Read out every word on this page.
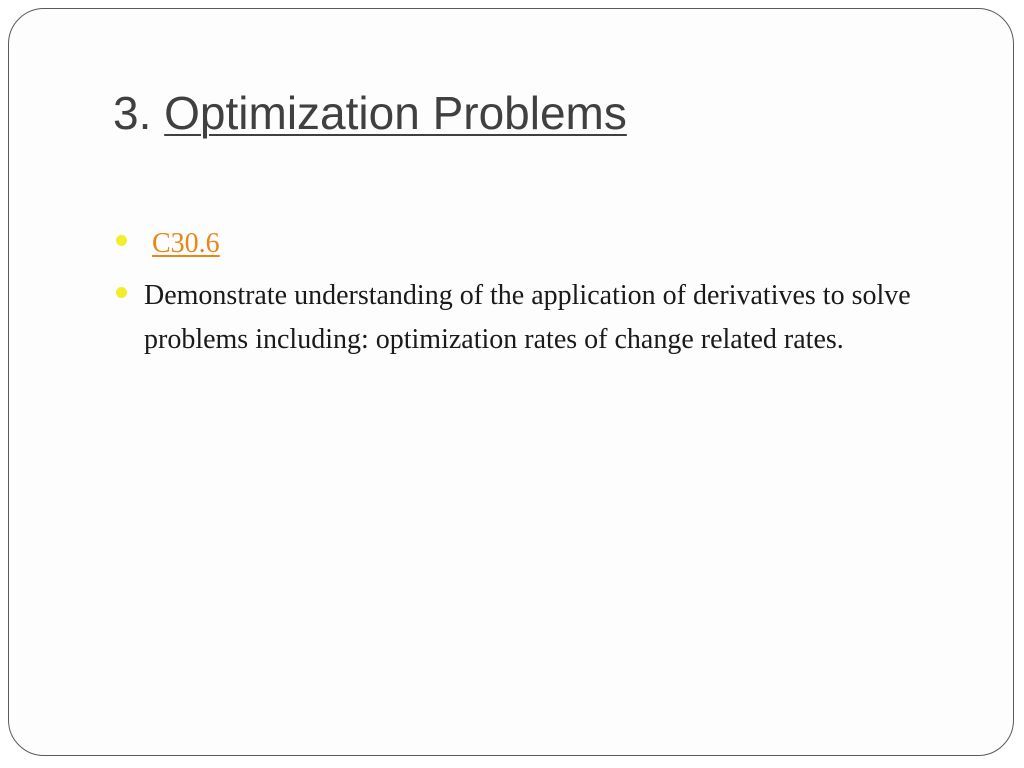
3. Optimization Problems
C30.6
Demonstrate understanding of the application of derivatives to solve problems including: optimization rates of change related rates.
